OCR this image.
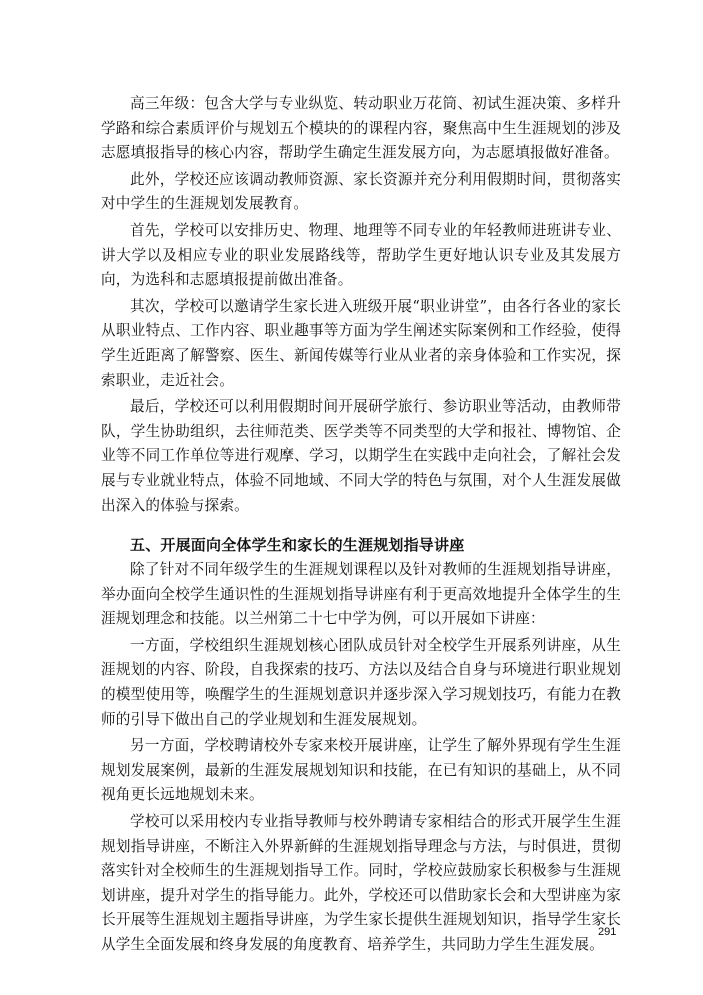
高三年级：包含大学与专业纵览、转动职业万花筒、初试生涯决策、多样升学路和综合素质评价与规划五个模块的的课程内容，聚焦高中生生涯规划的涉及志愿填报指导的核心内容，帮助学生确定生涯发展方向，为志愿填报做好准备。

此外，学校还应该调动教师资源、家长资源并充分利用假期时间，贯彻落实对中学生的生涯规划发展教育。

首先，学校可以安排历史、物理、地理等不同专业的年轻教师进班讲专业、讲大学以及相应专业的职业发展路线等，帮助学生更好地认识专业及其发展方向，为选科和志愿填报提前做出准备。

其次，学校可以邀请学生家长进入班级开展“职业讲堂”，由各行各业的家长从职业特点、工作内容、职业趣事等方面为学生阐述实际案例和工作经验，使得学生近距离了解警察、医生、新闻传媒等行业从业者的亲身体验和工作实况，探索职业，走近社会。

最后，学校还可以利用假期时间开展研学旅行、参访职业等活动，由教师带队，学生协助组织，去往师范类、医学类等不同类型的大学和报社、博物馆、企业等不同工作单位等进行观摩、学习，以期学生在实践中走向社会，了解社会发展与专业就业特点，体验不同地域、不同大学的特色与氛围，对个人生涯发展做出深入的体验与探索。

五、开展面向全体学生和家长的生涯规划指导讲座

除了针对不同年级学生的生涯规划课程以及针对教师的生涯规划指导讲座，举办面向全校学生通识性的生涯规划指导讲座有利于更高效地提升全体学生的生涯规划理念和技能。以兰州第二十七中学为例，可以开展如下讲座：

一方面，学校组织生涯规划核心团队成员针对全校学生开展系列讲座，从生涯规划的内容、阶段，自我探索的技巧、方法以及结合自身与环境进行职业规划的模型使用等，唤醒学生的生涯规划意识并逐步深入学习规划技巧，有能力在教师的引导下做出自己的学业规划和生涯发展规划。

另一方面，学校聘请校外专家来校开展讲座，让学生了解外界现有学生生涯规划发展案例，最新的生涯发展规划知识和技能，在已有知识的基础上，从不同视角更长远地规划未来。

学校可以采用校内专业指导教师与校外聘请专家相结合的形式开展学生生涯规划指导讲座，不断注入外界新鲜的生涯规划指导理念与方法，与时俱进，贯彻落实针对全校师生的生涯规划指导工作。同时，学校应鼓励家长积极参与生涯规划讲座，提升对学生的指导能力。此外，学校还可以借助家长会和大型讲座为家长开展等生涯规划主题指导讲座，为学生家长提供生涯规划知识，指导学生家长从学生全面发展和终身发展的角度教育、培养学生，共同助力学生生涯发展。

291
